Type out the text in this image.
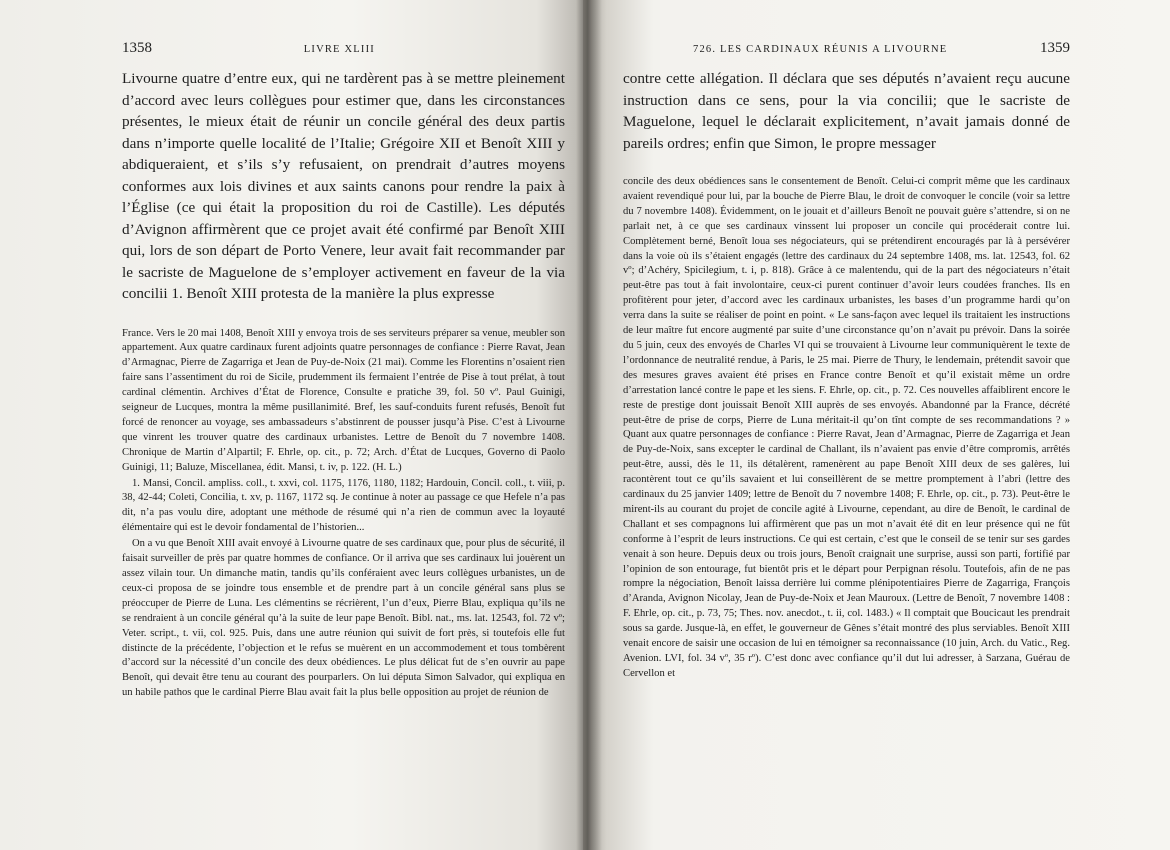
1358	LIVRE XLIII

Livourne quatre d’entre eux, qui ne tardèrent pas à se mettre pleinement d’accord avec leurs collègues pour estimer que, dans les circonstances présentes, le mieux était de réunir un concile général des deux partis dans n’importe quelle localité de l’Italie; Grégoire XII et Benoît XIII y abdiqueraient, et s’ils s’y refusaient, on prendrait d’autres moyens conformes aux lois divines et aux saints canons pour rendre la paix à l’Église (ce qui était la proposition du roi de Castille). Les députés d’Avignon affirmèrent que ce projet avait été confirmé par Benoît XIII qui, lors de son départ de Porto Venere, leur avait fait recommander par le sacriste de Maguelone de s’employer activement en faveur de la via concilii 1. Benoît XIII protesta de la manière la plus expresse

France. Vers le 20 mai 1408, Benoît XIII y envoya trois de ses serviteurs préparer sa venue, meubler son appartement. Aux quatre cardinaux furent adjoints quatre personnages de confiance : Pierre Ravat, Jean d’Armagnac, Pierre de Zagarriga et Jean de Puy-de-Noix (21 mai). Comme les Florentins n’osaient rien faire sans l’assentiment du roi de Sicile, prudemment ils fermaient l’entrée de Pise à tout prélat, à tout cardinal clémentin. Archives d’État de Florence, Consulte e pratiche 39, fol. 50 vº. Paul Guinigi, seigneur de Lucques, montra la même pusillanimité. Bref, les sauf-conduits furent refusés, Benoît fut forcé de renoncer au voyage, ses ambassadeurs s’abstinrent de pousser jusqu’à Pise. C’est à Livourne que vinrent les trouver quatre des cardinaux urbanistes. Lettre de Benoît du 7 novembre 1408. Chronique de Martin d’Alpartil; F. Ehrle, op. cit., p. 72; Arch. d’État de Lucques, Governo di Paolo Guinigi, 11; Baluze, Miscellanea, édit. Mansi, t. iv, p. 122. (H. L.)

1. Mansi, Concil. ampliss. coll., t. xxvi, col. 1175, 1176, 1180, 1182; Hardouin, Concil. coll., t. viii, p. 38, 42-44; Coleti, Concilia, t. xv, p. 1167, 1172 sq. Je continue à noter au passage ce que Hefele n’a pas dit, n’a pas voulu dire, adoptant une méthode de résumé qui n’a rien de commun avec la loyauté élémentaire qui est le devoir fondamental de l’historien...

On a vu que Benoît XIII avait envoyé à Livourne quatre de ses cardinaux que, pour plus de sécurité, il faisait surveiller de près par quatre hommes de confiance. Or il arriva que ses cardinaux lui jouèrent un assez vilain tour. Un dimanche matin, tandis qu’ils conféraient avec leurs collègues urbanistes, un de ceux-ci proposa de se joindre tous ensemble et de prendre part à un concile général sans plus se préoccuper de Pierre de Luna. Les clémentins se récrièrent, l’un d’eux, Pierre Blau, expliqua qu’ils ne se rendraient à un concile général qu’à la suite de leur pape Benoît. Bibl. nat., ms. lat. 12543, fol. 72 vº; Veter. script., t. vii, col. 925. Puis, dans une autre réunion qui suivit de fort près, si toutefois elle fut distincte de la précédente, l’objection et le refus se muèrent en un accommodement et tous tombèrent d’accord sur la nécessité d’un concile des deux obédiences. Le plus délicat fut de s’en ouvrir au pape Benoît, qui devait être tenu au courant des pourparlers. On lui députa Simon Salvador, qui expliqua en un habile pathos que le cardinal Pierre Blau avait fait la plus belle opposition au projet de réunion de

726. LES CARDINAUX RÉUNIS A LIVOURNE	1359

contre cette allégation. Il déclara que ses députés n’avaient reçu aucune instruction dans ce sens, pour la via concilii; que le sacriste de Maguelone, lequel le déclarait explicitement, n’avait jamais donné de pareils ordres; enfin que Simon, le propre messager

concile des deux obédiences sans le consentement de Benoît. Celui-ci comprit même que les cardinaux avaient revendiqué pour lui, par la bouche de Pierre Blau, le droit de convoquer le concile (voir sa lettre du 7 novembre 1408). Évidemment, on le jouait et d’ailleurs Benoît ne pouvait guère s’attendre, si on ne parlait net, à ce que ses cardinaux vinssent lui proposer un concile qui procéderait contre lui. Complètement berné, Benoît loua ses négociateurs, qui se prétendirent encouragés par là à persévérer dans la voie où ils s’étaient engagés (lettre des cardinaux du 24 septembre 1408, ms. lat. 12543, fol. 62 vº; d’Achéry, Spicilegium, t. i, p. 818). Grâce à ce malentendu, qui de la part des négociateurs n’était peut-être pas tout à fait involontaire, ceux-ci purent continuer d’avoir leurs coudées franches. Ils en profitèrent pour jeter, d’accord avec les cardinaux urbanistes, les bases d’un programme hardi qu’on verra dans la suite se réaliser de point en point. « Le sans-façon avec lequel ils traitaient les instructions de leur maître fut encore augmenté par suite d’une circonstance qu’on n’avait pu prévoir. Dans la soirée du 5 juin, ceux des envoyés de Charles VI qui se trouvaient à Livourne leur communiquèrent le texte de l’ordonnance de neutralité rendue, à Paris, le 25 mai. Pierre de Thury, le lendemain, prétendit savoir que des mesures graves avaient été prises en France contre Benoît et qu’il existait même un ordre d’arrestation lancé contre le pape et les siens. F. Ehrle, op. cit., p. 72. Ces nouvelles affaiblirent encore le reste de prestige dont jouissait Benoît XIII auprès de ses envoyés. Abandonné par la France, décrété peut-être de prise de corps, Pierre de Luna méritait-il qu’on tînt compte de ses recommandations ? » Quant aux quatre personnages de confiance : Pierre Ravat, Jean d’Armagnac, Pierre de Zagarriga et Jean de Puy-de-Noix, sans excepter le cardinal de Challant, ils n’avaient pas envie d’être compromis, arrêtés peut-être, aussi, dès le 11, ils détalèrent, ramenèrent au pape Benoît XIII deux de ses galères, lui racontèrent tout ce qu’ils savaient et lui conseillèrent de se mettre promptement à l’abri (lettre des cardinaux du 25 janvier 1409; lettre de Benoît du 7 novembre 1408; F. Ehrle, op. cit., p. 73). Peut-être le mirent-ils au courant du projet de concile agité à Livourne, cependant, au dire de Benoît, le cardinal de Challant et ses compagnons lui affirmèrent que pas un mot n’avait été dit en leur présence qui ne fût conforme à l’esprit de leurs instructions. Ce qui est certain, c’est que le conseil de se tenir sur ses gardes venait à son heure. Depuis deux ou trois jours, Benoît craignait une surprise, aussi son parti, fortifié par l’opinion de son entourage, fut bientôt pris et le départ pour Perpignan résolu. Toutefois, afin de ne pas rompre la négociation, Benoît laissa derrière lui comme plénipotentiaires Pierre de Zagarriga, François d’Aranda, Avignon Nicolay, Jean de Puy-de-Noix et Jean Mauroux. (Lettre de Benoît, 7 novembre 1408 : F. Ehrle, op. cit., p. 73, 75; Thes. nov. anecdot., t. ii, col. 1483.) « Il comptait que Boucicaut les prendrait sous sa garde. Jusque-là, en effet, le gouverneur de Gênes s’était montré des plus serviables. Benoît XIII venait encore de saisir une occasion de lui en témoigner sa reconnaissance (10 juin, Arch. du Vatic., Reg. Avenion. LVI, fol. 34 vº, 35 rº). C’est donc avec confiance qu’il dut lui adresser, à Sarzana, Guérau de Cervellon et
